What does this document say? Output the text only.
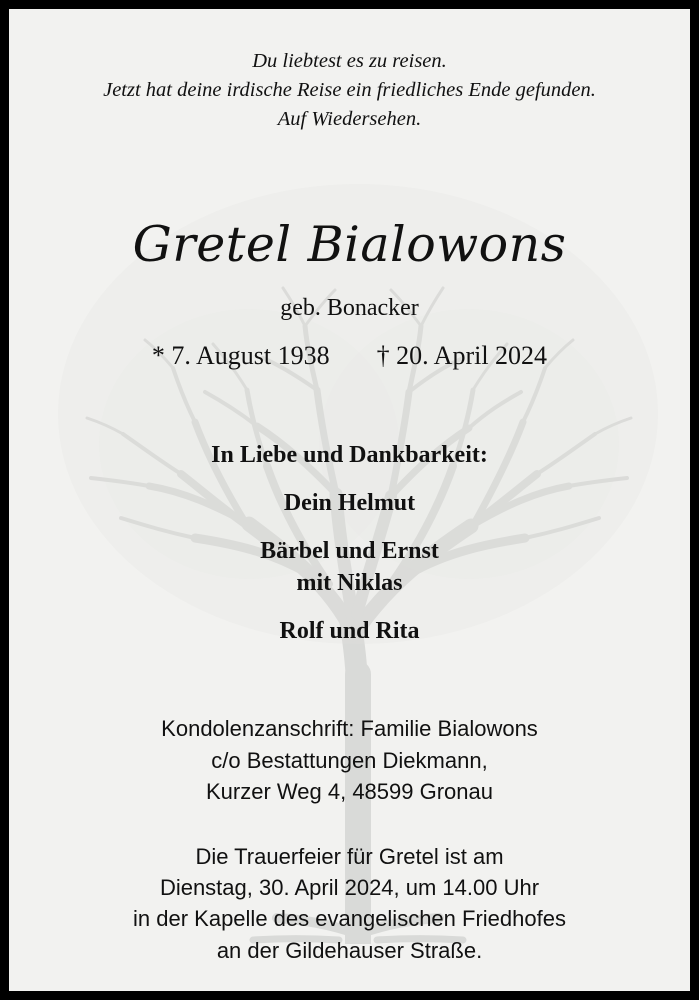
Du liebtest es zu reisen.
Jetzt hat deine irdische Reise ein friedliches Ende gefunden.
Auf Wiedersehen.
Gretel Bialowons
geb. Bonacker
* 7. August 1938 † 20. April 2024
In Liebe und Dankbarkeit:
Dein Helmut
Bärbel und Ernst
mit Niklas
Rolf und Rita
Kondolenzanschrift: Familie Bialowons
c/o Bestattungen Diekmann,
Kurzer Weg 4, 48599 Gronau
Die Trauerfeier für Gretel ist am
Dienstag, 30. April 2024, um 14.00 Uhr
in der Kapelle des evangelischen Friedhofes
an der Gildehauser Straße.
